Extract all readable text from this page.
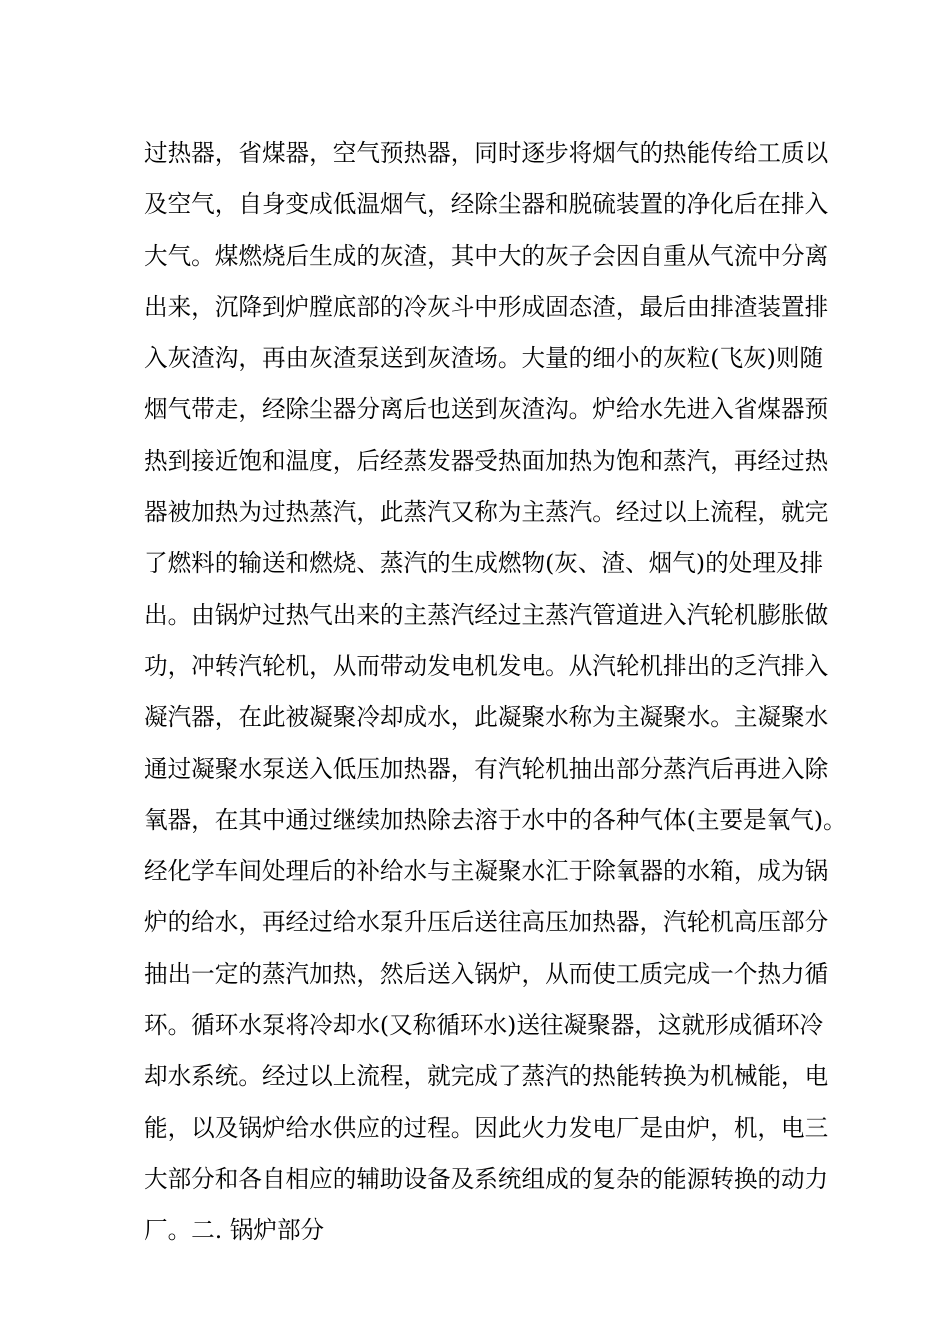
过热器，省煤器，空气预热器，同时逐步将烟气的热能传给工质以
及空气，自身变成低温烟气，经除尘器和脱硫装置的净化后在排入
大气。煤燃烧后生成的灰渣，其中大的灰子会因自重从气流中分离
出来，沉降到炉膛底部的冷灰斗中形成固态渣，最后由排渣装置排
入灰渣沟，再由灰渣泵送到灰渣场。大量的细小的灰粒(飞灰)则随
烟气带走，经除尘器分离后也送到灰渣沟。炉给水先进入省煤器预
热到接近饱和温度，后经蒸发器受热面加热为饱和蒸汽，再经过热
器被加热为过热蒸汽，此蒸汽又称为主蒸汽。经过以上流程，就完
了燃料的输送和燃烧、蒸汽的生成燃物(灰、渣、烟气)的处理及排
出。由锅炉过热气出来的主蒸汽经过主蒸汽管道进入汽轮机膨胀做
功，冲转汽轮机，从而带动发电机发电。从汽轮机排出的乏汽排入
凝汽器，在此被凝聚冷却成水，此凝聚水称为主凝聚水。主凝聚水
通过凝聚水泵送入低压加热器，有汽轮机抽出部分蒸汽后再进入除
氧器，在其中通过继续加热除去溶于水中的各种气体(主要是氧气)。
经化学车间处理后的补给水与主凝聚水汇于除氧器的水箱，成为锅
炉的给水，再经过给水泵升压后送往高压加热器，汽轮机高压部分
抽出一定的蒸汽加热，然后送入锅炉，从而使工质完成一个热力循
环。循环水泵将冷却水(又称循环水)送往凝聚器，这就形成循环冷
却水系统。经过以上流程，就完成了蒸汽的热能转换为机械能，电
能，以及锅炉给水供应的过程。因此火力发电厂是由炉，机，电三
大部分和各自相应的辅助设备及系统组成的复杂的能源转换的动力
厂。二. 锅炉部分
